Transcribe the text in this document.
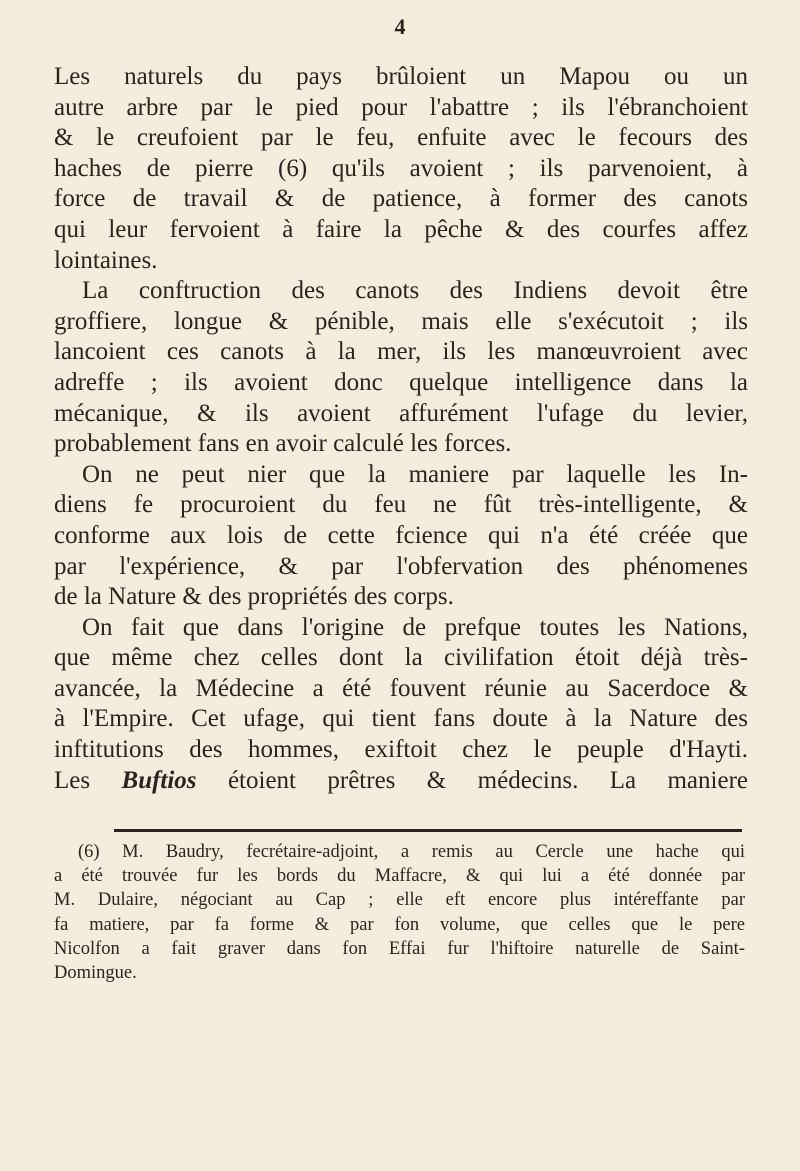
4
Les naturels du pays brûloient un Mapou ou un
autre arbre par le pied pour l'abattre ; ils l'ébranchoient
& le creufoient par le feu, enfuite avec le fecours des
haches de pierre (6) qu'ils avoient ; ils parvenoient, à
force de travail & de patience, à former des canots
qui leur fervoient à faire la pêche & des courfes affez
lointaines.
La conftruction des canots des Indiens devoit être
groffiere, longue & pénible, mais elle s'exécutoit ; ils
lancoient ces canots à la mer, ils les manœuvroient avec
adreffe ; ils avoient donc quelque intelligence dans la
mécanique, & ils avoient affurément l'ufage du levier,
probablement fans en avoir calculé les forces.
On ne peut nier que la maniere par laquelle les In-
diens fe procuroient du feu ne fût très-intelligente, &
conforme aux lois de cette fcience qui n'a été créée que
par l'expérience, & par l'obfervation des phénomenes
de la Nature & des propriétés des corps.
On fait que dans l'origine de prefque toutes les Nations,
que même chez celles dont la civilifation étoit déjà très-
avancée, la Médecine a été fouvent réunie au Sacerdoce &
à l'Empire. Cet ufage, qui tient fans doute à la Nature des
inftitutions des hommes, exiftoit chez le peuple d'Hayti.
Les Buftios étoient prêtres & médecins. La maniere
(6) M. Baudry, fecrétaire-adjoint, a remis au Cercle une hache qui
a été trouvée fur les bords du Maffacre, & qui lui a été donnée par
M. Dulaire, négociant au Cap ; elle eft encore plus intéreffante par
fa matiere, par fa forme & par fon volume, que celles que le pere
Nicolfon a fait graver dans fon Effai fur l'hiftoire naturelle de Saint-
Domingue.
